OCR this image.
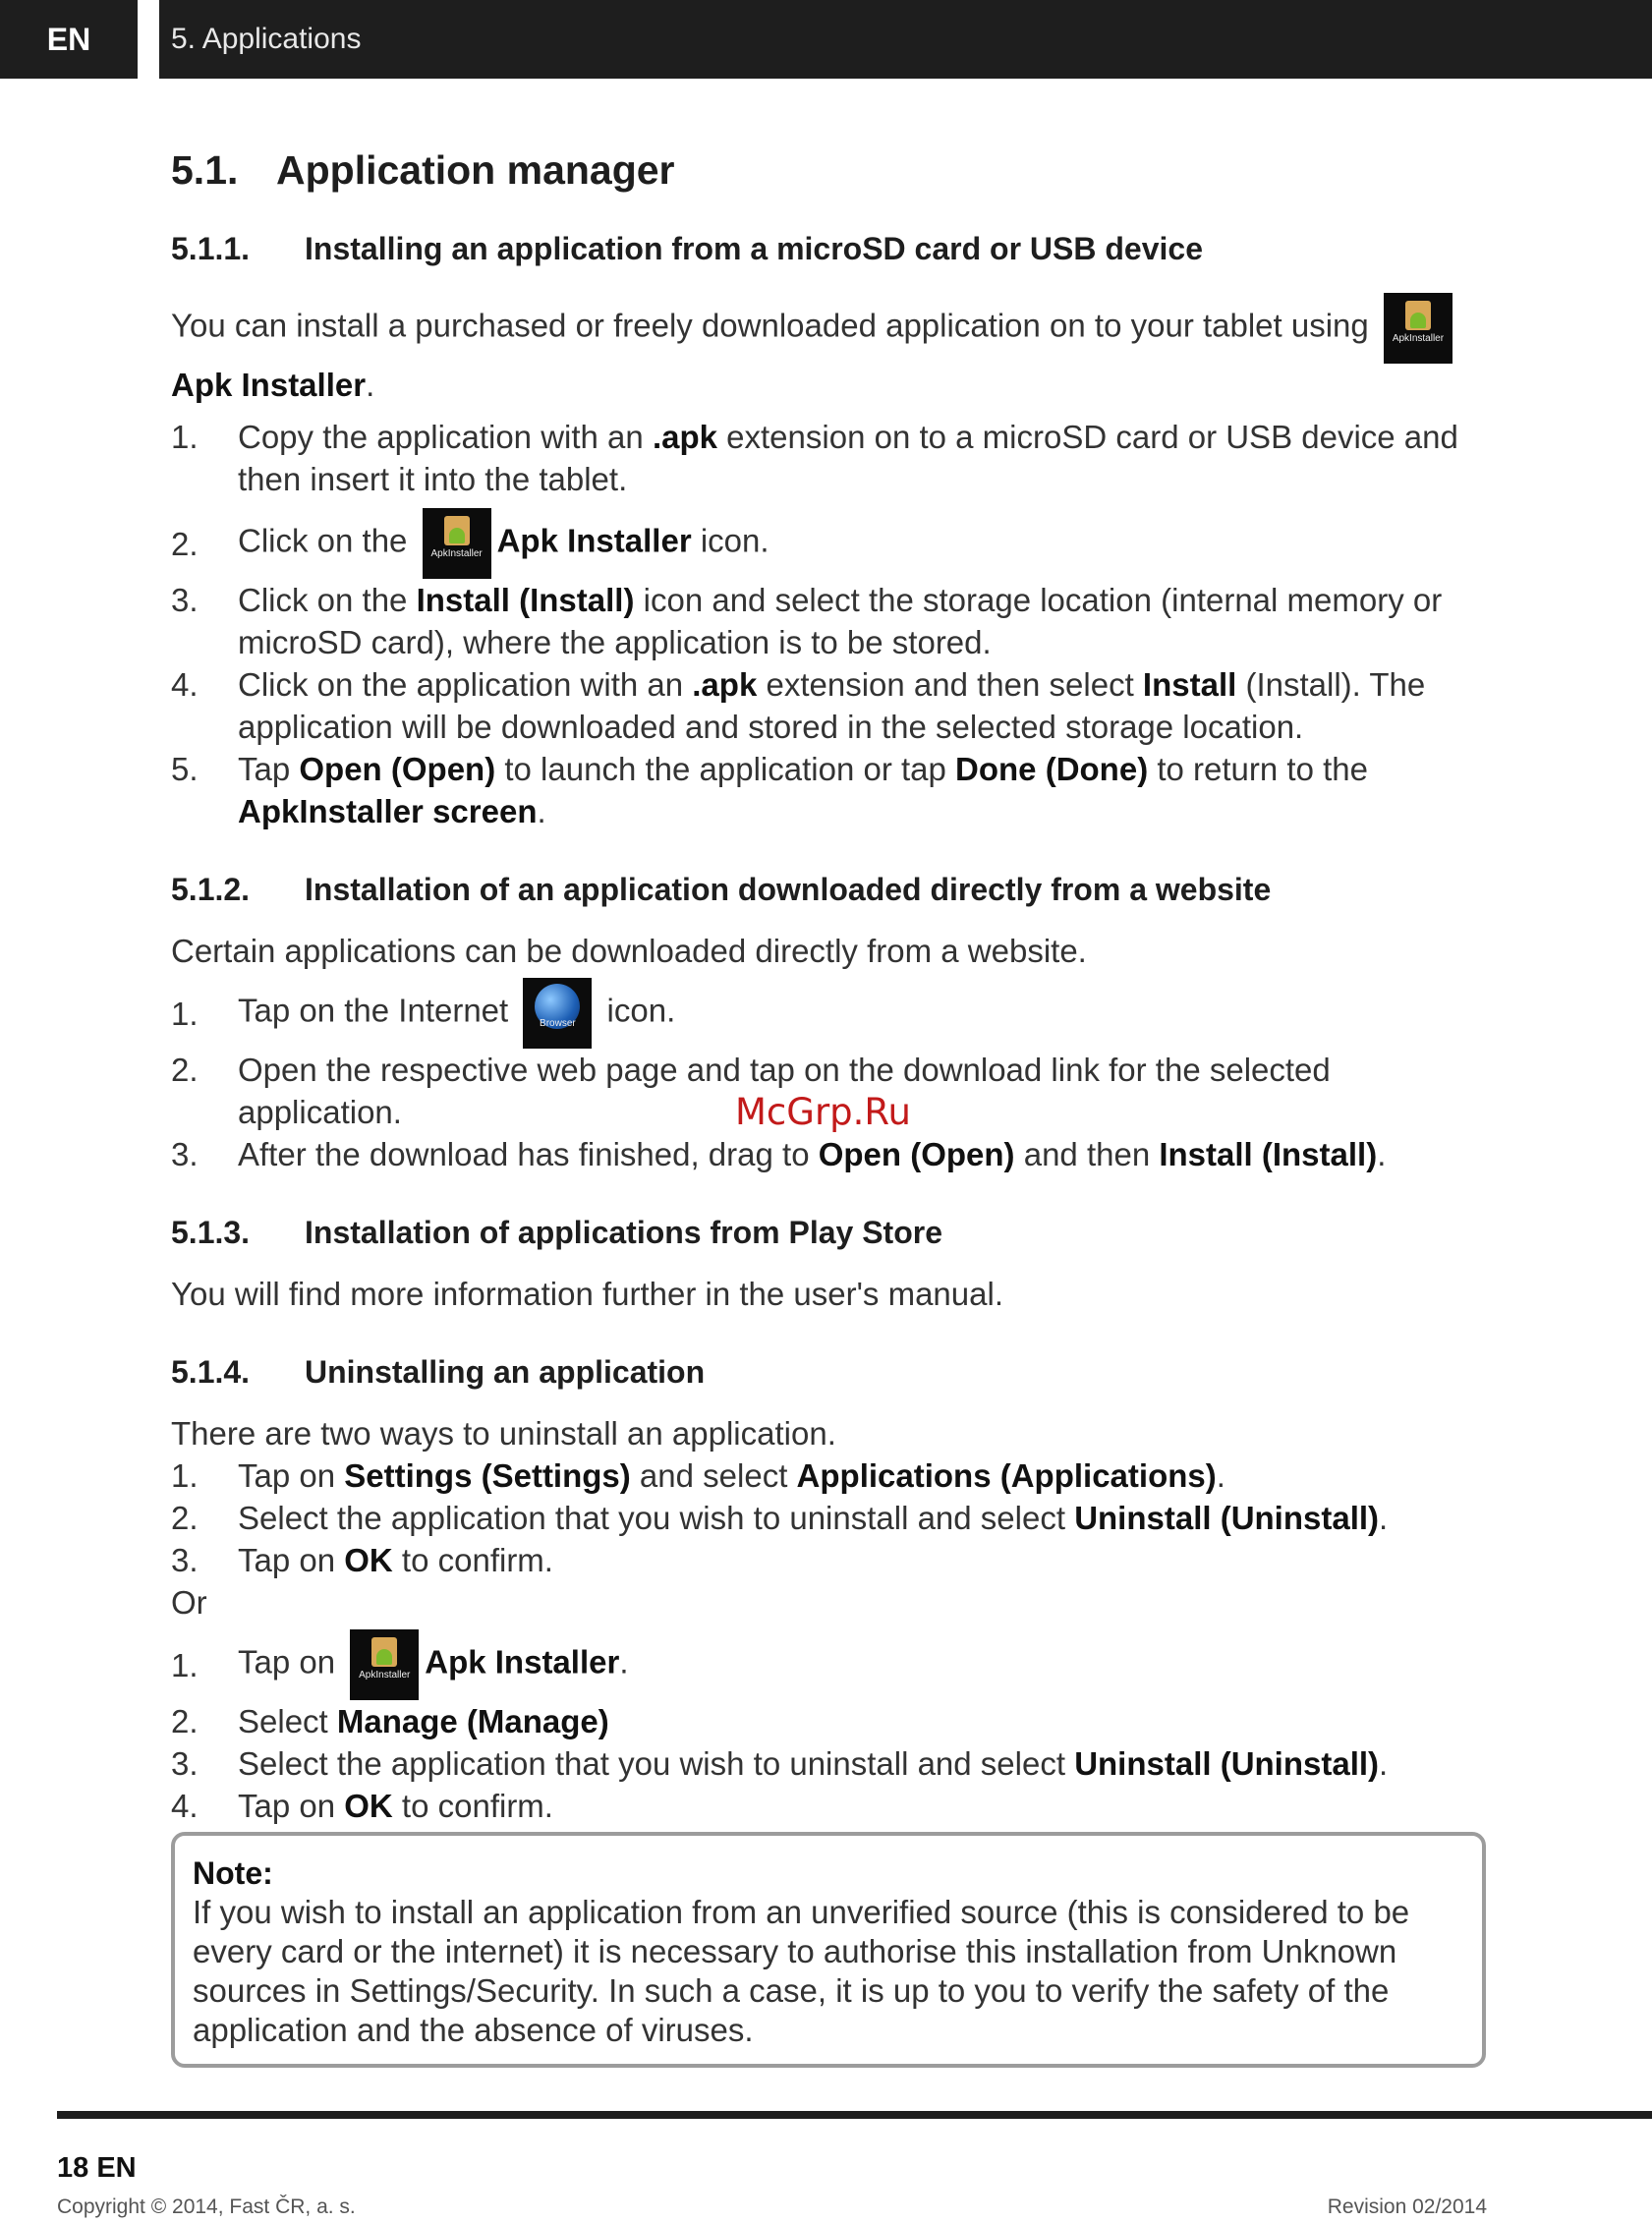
EN	5. Applications
5.1. Application manager
5.1.1.	Installing an application from a microSD card or USB device

You can install a purchased or freely downloaded application on to your tablet using	ApkInstaller

Apk Installer.

1.	Copy the application with an .apk extension on to a microSD card or USB device and then insert it into the tablet.
2.	Click on the	ApkInstaller Apk Installer icon.
3.	Click on the Install (Install) icon and select the storage location (internal memory or microSD card), where the application is to be stored.
4.	Click on the application with an .apk extension and then select Install (Install). The application will be downloaded and stored in the selected storage location.
5.	Tap Open (Open) to launch the application or tap Done (Done) to return to the ApkInstaller screen.
5.1.2.	Installation of an application downloaded directly from a website

Certain applications can be downloaded directly from a website.

1.	Tap on the Internet	Browser icon.
2.	Open the respective web page and tap on the download link for the selected application.
3.	After the download has finished, drag to Open (Open) and then Install (Install).
5.1.3.	Installation of applications from Play Store

You will find more information further in the user's manual.

5.1.4.	Uninstalling an application

There are two ways to uninstall an application.

1.	Tap on Settings (Settings) and select Applications (Applications).
2.	Select the application that you wish to uninstall and select Uninstall (Uninstall).
3.	Tap on OK to confirm.

Or

1.	Tap on	ApkInstaller Apk Installer.
2.	Select Manage (Manage)
3.	Select the application that you wish to uninstall and select Uninstall (Uninstall).
4.	Tap on OK to confirm.
Note:
If you wish to install an application from an unverified source (this is considered to be every card or the internet) it is necessary to authorise this installation from Unknown sources in Settings/Security. In such a case, it is up to you to verify the safety of the application and the absence of viruses.
McGrp.Ru
18 EN
Copyright © 2014, Fast ČR, a. s.	Revision 02/2014
